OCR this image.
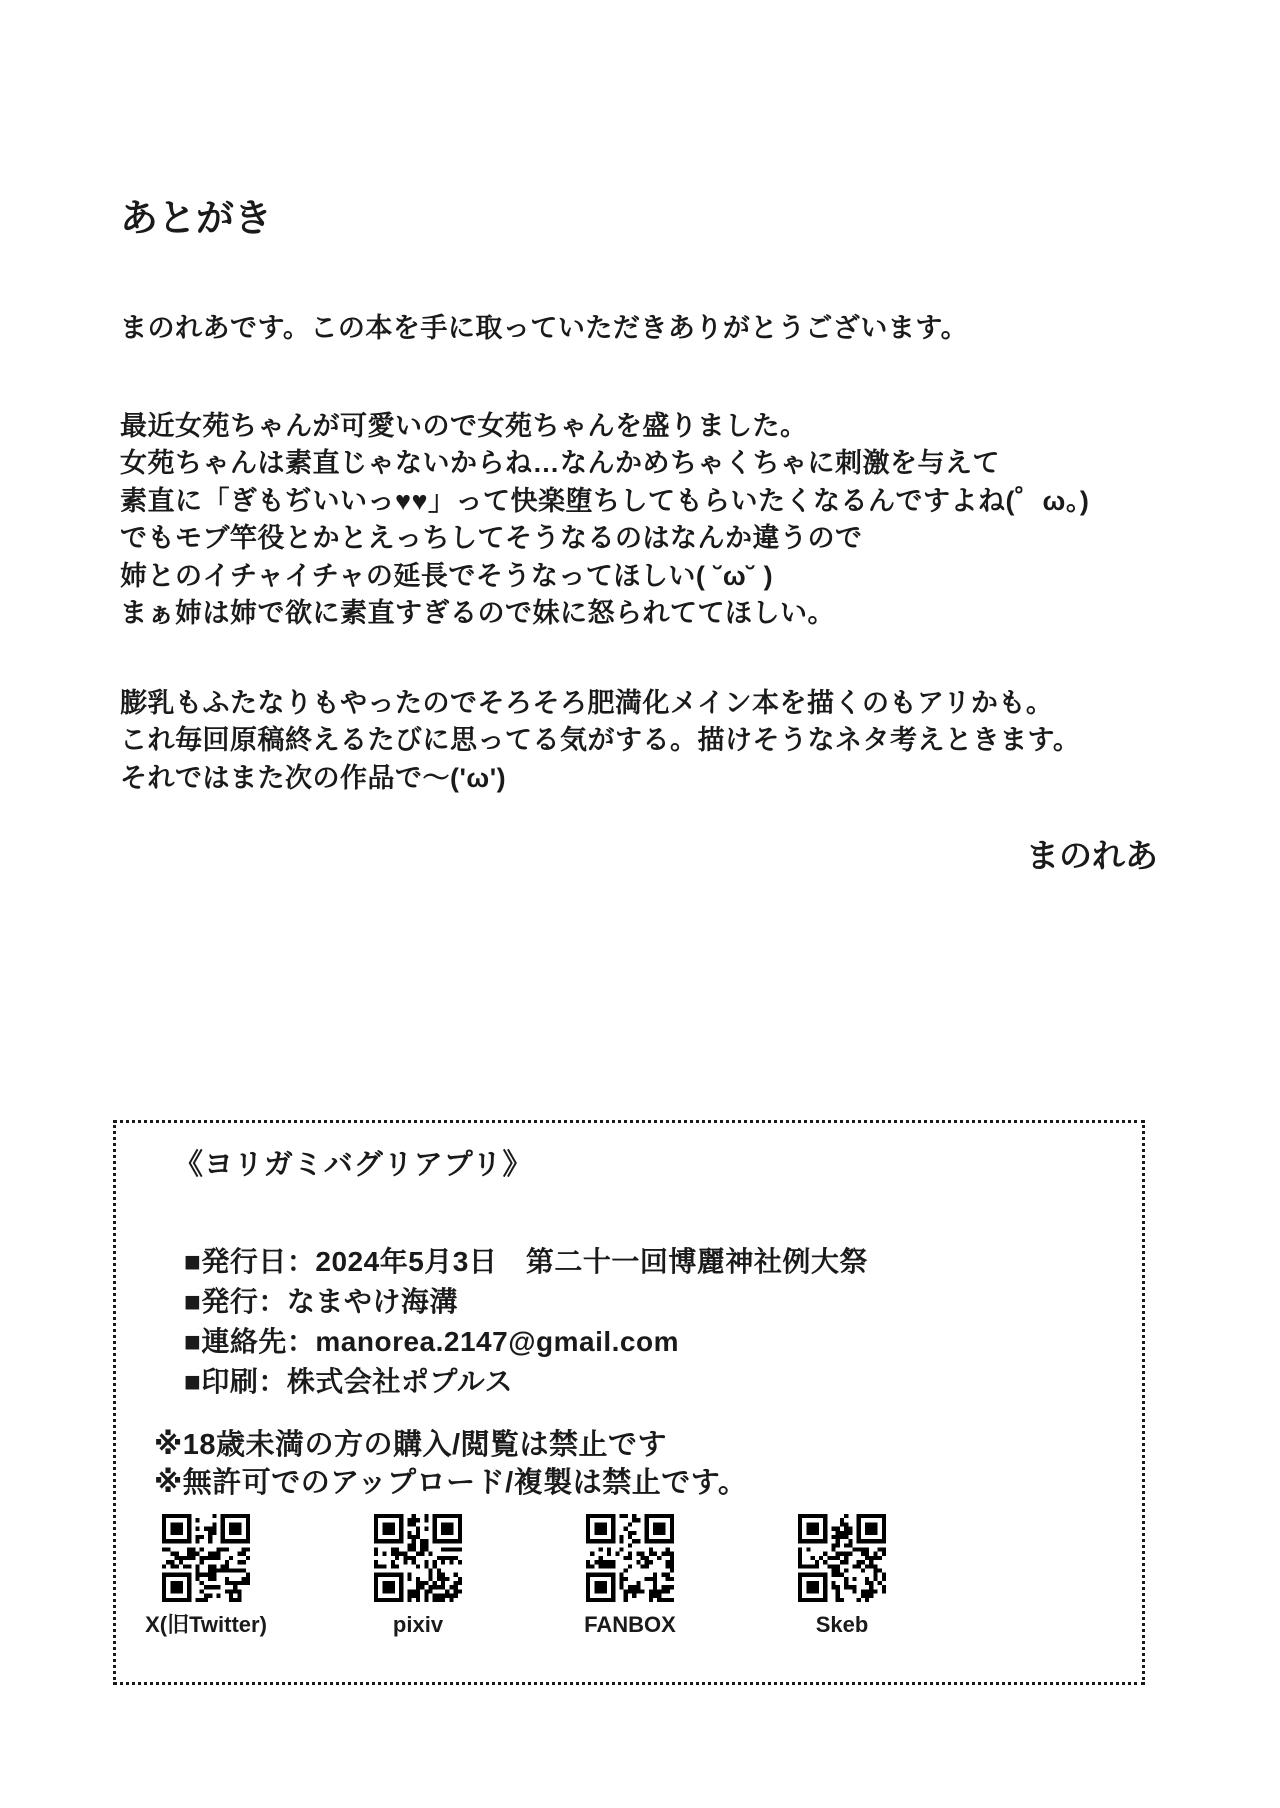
あとがき

まのれあです。この本を手に取っていただきありがとうございます。

最近女苑ちゃんが可愛いので女苑ちゃんを盛りました。

女苑ちゃんは素直じゃないからね…なんかめちゃくちゃに刺激を与えて

素直に「ぎもぢいいっ♥♥」って快楽堕ちしてもらいたくなるんですよね(゜ω。)

でもモブ竿役とかとえっちしてそうなるのはなんか違うので

姉とのイチャイチャの延長でそうなってほしい( ˘ω˘ )

まぁ姉は姉で欲に素直すぎるので妹に怒られててほしい。

膨乳もふたなりもやったのでそろそろ肥満化メイン本を描くのもアリかも。

これ毎回原稿終えるたびに思ってる気がする。描けそうなネタ考えときます。

それではまた次の作品で～('ω')

まのれあ

《ヨリガミバグリアプリ》

■発行日：2024年5月3日　第二十一回博麗神社例大祭

■発行：なまやけ海溝

■連絡先：manorea.2147@gmail.com

■印刷：株式会社ポプルス

※18歳未満の方の購入/閲覧は禁止です

※無許可でのアップロード/複製は禁止です。

X(旧Twitter)	pixiv	FANBOX	Skeb
